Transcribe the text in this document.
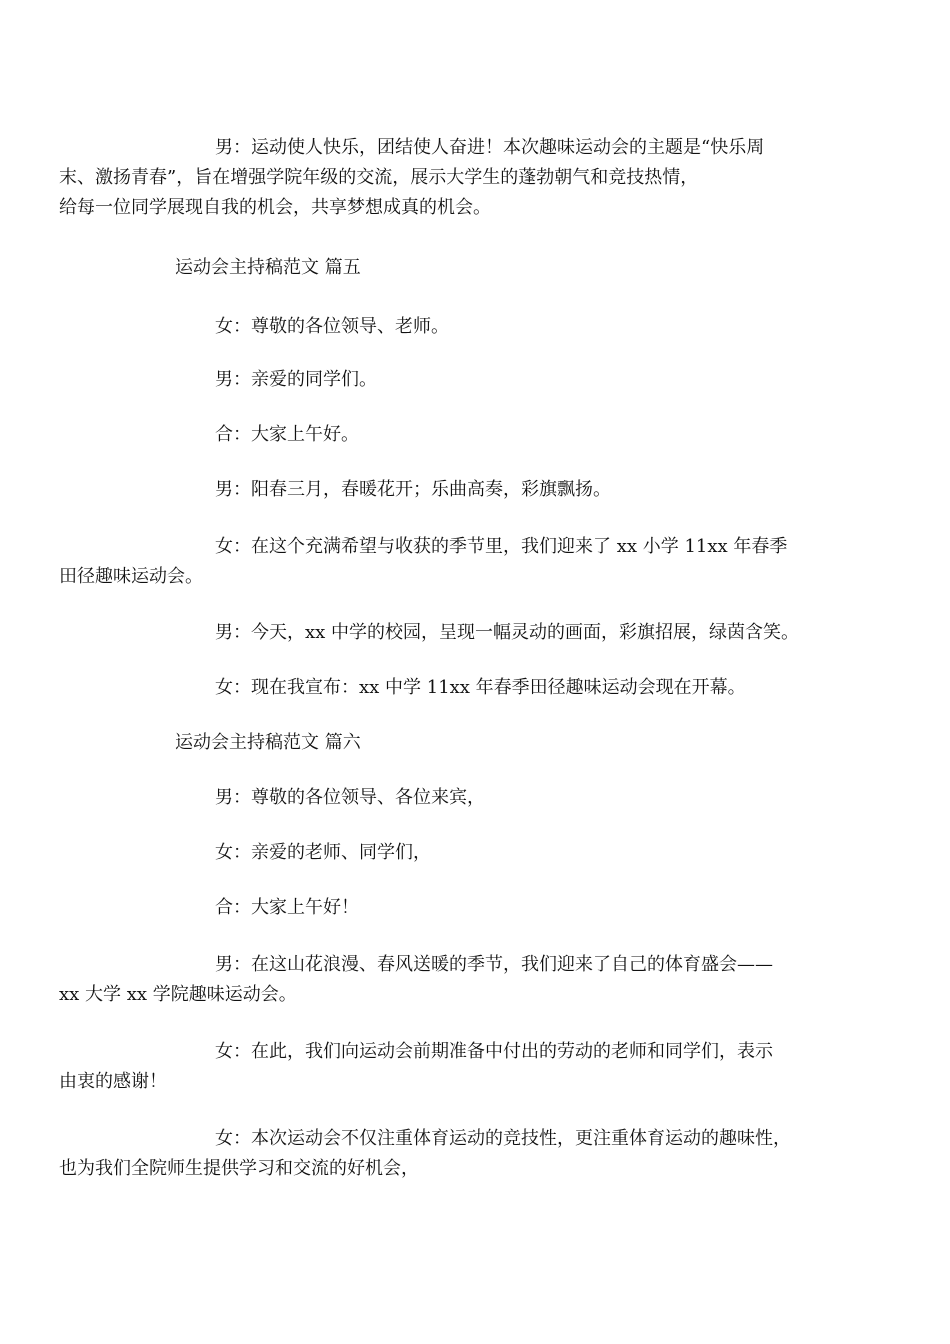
男：运动使人快乐，团结使人奋进！本次趣味运动会的主题是“快乐周
末、激扬青春”，旨在增强学院年级的交流，展示大学生的蓬勃朝气和竞技热情，
给每一位同学展现自我的机会，共享梦想成真的机会。

运动会主持稿范文 篇五

女：尊敬的各位领导、老师。

男：亲爱的同学们。

合：大家上午好。

男：阳春三月，春暖花开；乐曲高奏，彩旗飘扬。

女：在这个充满希望与收获的季节里，我们迎来了 xx 小学 11xx 年春季
田径趣味运动会。

男：今天，xx 中学的校园，呈现一幅灵动的画面，彩旗招展，绿茵含笑。

女：现在我宣布：xx 中学 11xx 年春季田径趣味运动会现在开幕。

运动会主持稿范文 篇六

男：尊敬的各位领导、各位来宾，

女：亲爱的老师、同学们，

合：大家上午好！

男：在这山花浪漫、春风送暖的季节，我们迎来了自己的体育盛会——
xx 大学 xx 学院趣味运动会。

女：在此，我们向运动会前期准备中付出的劳动的老师和同学们，表示
由衷的感谢！

女：本次运动会不仅注重体育运动的竞技性，更注重体育运动的趣味性，
也为我们全院师生提供学习和交流的好机会，
